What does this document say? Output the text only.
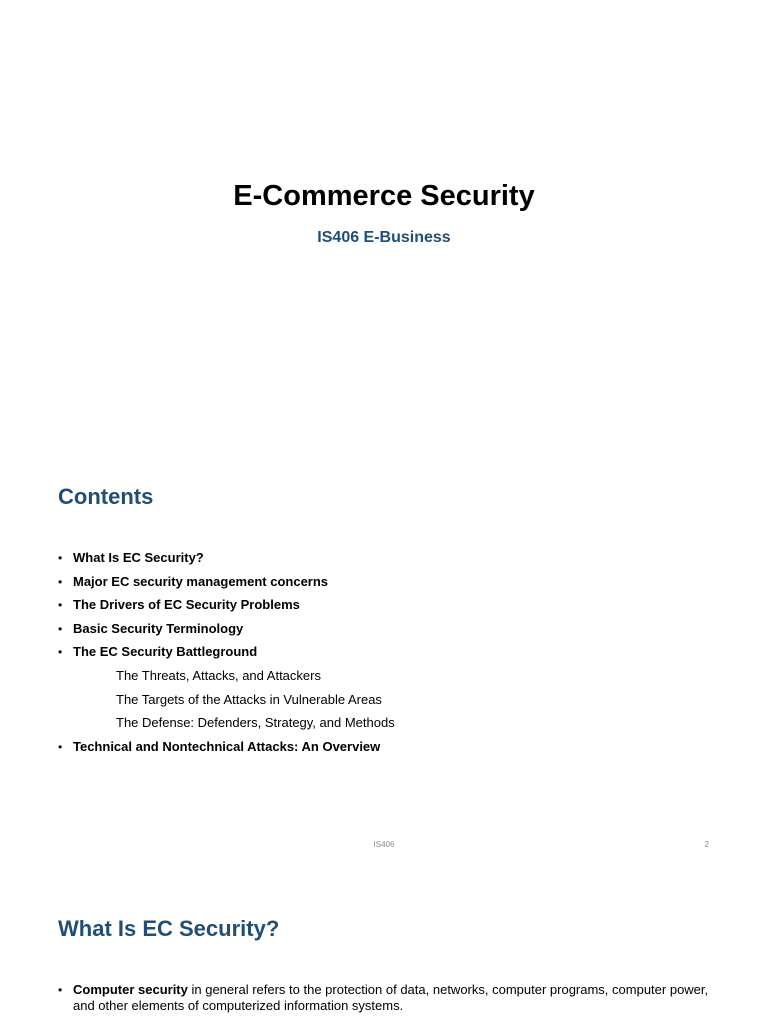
E-Commerce Security
IS406 E-Business
Contents
• What Is EC Security?
• Major EC security management concerns
• The Drivers of EC Security Problems
• Basic Security Terminology
• The EC Security Battleground
The Threats, Attacks, and Attackers
The Targets of the Attacks in Vulnerable Areas
The Defense: Defenders, Strategy, and Methods
• Technical and Nontechnical Attacks: An Overview
IS406	2
What Is EC Security?

• Computer security in general refers to the protection of data, networks, computer programs, computer power, and other elements of computerized information systems.
